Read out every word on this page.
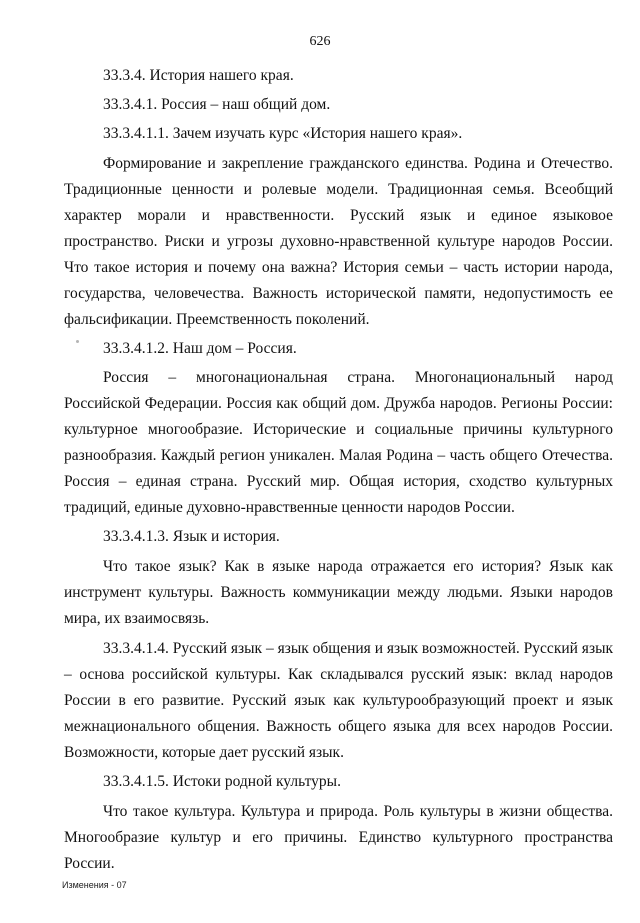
626

33.3.4. История нашего края.

33.3.4.1. Россия – наш общий дом.

33.3.4.1.1. Зачем изучать курс «История нашего края».

Формирование и закрепление гражданского единства. Родина и Отечество. Традиционные ценности и ролевые модели. Традиционная семья. Всеобщий характер морали и нравственности. Русский язык и единое языковое пространство. Риски и угрозы духовно-нравственной культуре народов России. Что такое история и почему она важна? История семьи – часть истории народа, государства, человечества. Важность исторической памяти, недопустимость ее фальсификации. Преемственность поколений.

33.3.4.1.2. Наш дом – Россия.

Россия – многонациональная страна. Многонациональный народ Российской Федерации. Россия как общий дом. Дружба народов. Регионы России: культурное многообразие. Исторические и социальные причины культурного разнообразия. Каждый регион уникален. Малая Родина – часть общего Отечества. Россия – единая страна. Русский мир. Общая история, сходство культурных традиций, единые духовно-нравственные ценности народов России.

33.3.4.1.3. Язык и история.

Что такое язык? Как в языке народа отражается его история? Язык как инструмент культуры. Важность коммуникации между людьми. Языки народов мира, их взаимосвязь.

33.3.4.1.4. Русский язык – язык общения и язык возможностей. Русский язык – основа российской культуры. Как складывался русский язык: вклад народов России в его развитие. Русский язык как культурообразующий проект и язык межнационального общения. Важность общего языка для всех народов России. Возможности, которые дает русский язык.

33.3.4.1.5. Истоки родной культуры.

Что такое культура. Культура и природа. Роль культуры в жизни общества. Многообразие культур и его причины. Единство культурного пространства России.

Изменения - 07
